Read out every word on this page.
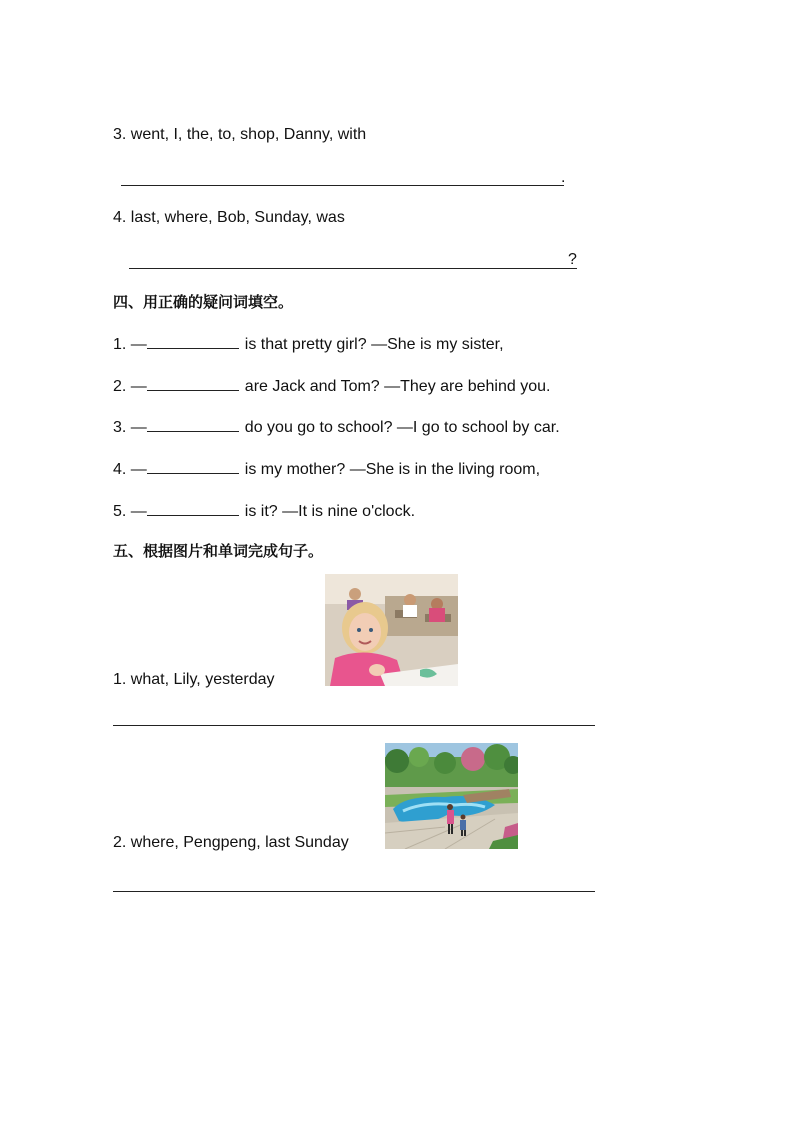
3. went, I, the, to, shop, Danny, with
.
4. last, where, Bob, Sunday, was
?
四、用正确的疑问词填空。
1. —	is that pretty girl? —She is my sister,
2. —	are Jack and Tom? —They are behind you.
3. —	do you go to school? —I go to school by car.
4. —	is my mother? —She is in the living room,
5. —	is it? —It is nine o'clock.
五、根据图片和单词完成句子。
1. what, Lily, yesterday
2. where, Pengpeng, last Sunday
